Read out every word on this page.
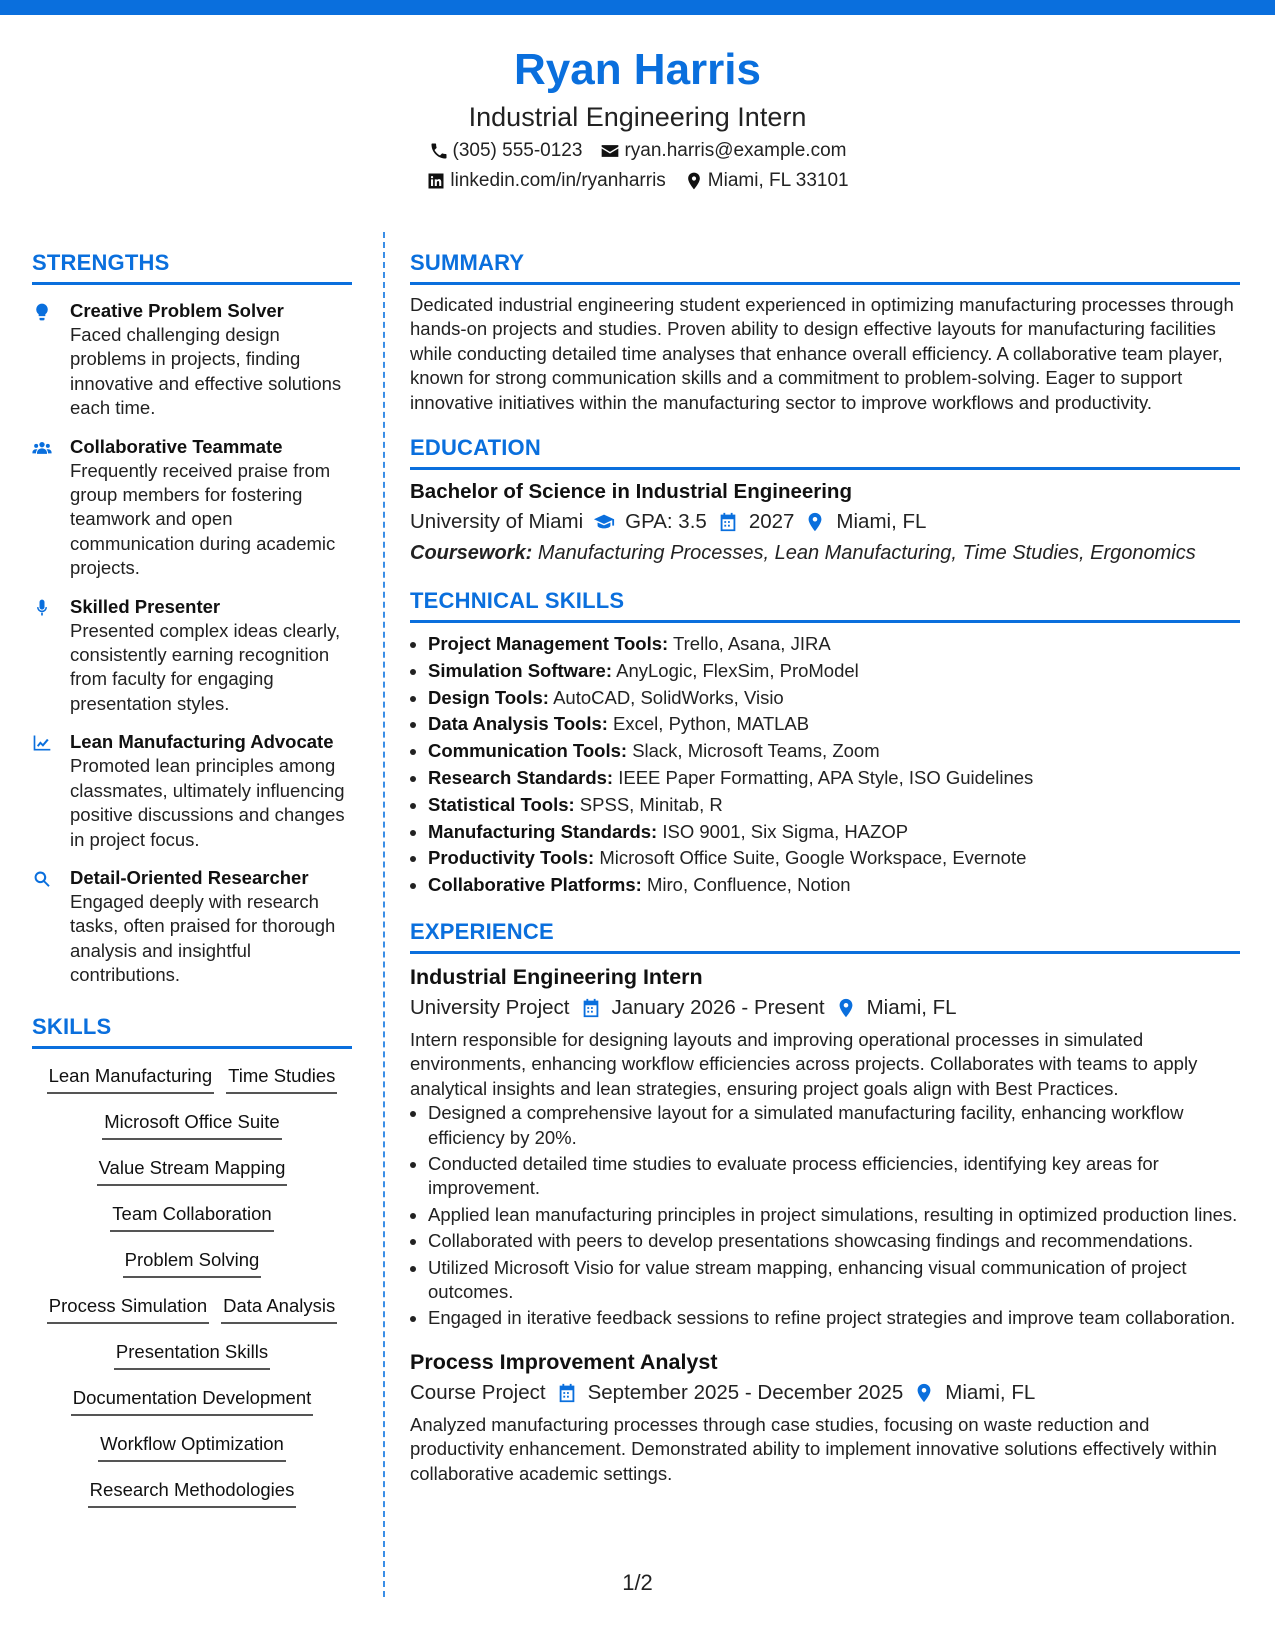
Ryan Harris
Industrial Engineering Intern
(305) 555-0123 ryan.harris@example.com
linkedin.com/in/ryanharris Miami, FL 33101
STRENGTHS
Creative Problem Solver
Faced challenging design problems in projects, finding innovative and effective solutions each time.
Collaborative Teammate
Frequently received praise from group members for fostering teamwork and open communication during academic projects.
Skilled Presenter
Presented complex ideas clearly, consistently earning recognition from faculty for engaging presentation styles.
Lean Manufacturing Advocate
Promoted lean principles among classmates, ultimately influencing positive discussions and changes in project focus.
Detail-Oriented Researcher
Engaged deeply with research tasks, often praised for thorough analysis and insightful contributions.
SKILLS
Lean Manufacturing Time Studies
Microsoft Office Suite
Value Stream Mapping
Team Collaboration
Problem Solving
Process Simulation Data Analysis
Presentation Skills
Documentation Development
Workflow Optimization
Research Methodologies
SUMMARY
Dedicated industrial engineering student experienced in optimizing manufacturing processes through hands-on projects and studies. Proven ability to design effective layouts for manufacturing facilities while conducting detailed time analyses that enhance overall efficiency. A collaborative team player, known for strong communication skills and a commitment to problem-solving. Eager to support innovative initiatives within the manufacturing sector to improve workflows and productivity.
EDUCATION
Bachelor of Science in Industrial Engineering
University of Miami GPA: 3.5 2027 Miami, FL
Coursework: Manufacturing Processes, Lean Manufacturing, Time Studies, Ergonomics
TECHNICAL SKILLS
• Project Management Tools: Trello, Asana, JIRA
• Simulation Software: AnyLogic, FlexSim, ProModel
• Design Tools: AutoCAD, SolidWorks, Visio
• Data Analysis Tools: Excel, Python, MATLAB
• Communication Tools: Slack, Microsoft Teams, Zoom
• Research Standards: IEEE Paper Formatting, APA Style, ISO Guidelines
• Statistical Tools: SPSS, Minitab, R
• Manufacturing Standards: ISO 9001, Six Sigma, HAZOP
• Productivity Tools: Microsoft Office Suite, Google Workspace, Evernote
• Collaborative Platforms: Miro, Confluence, Notion
EXPERIENCE
Industrial Engineering Intern
University Project January 2026 - Present Miami, FL
Intern responsible for designing layouts and improving operational processes in simulated environments, enhancing workflow efficiencies across projects. Collaborates with teams to apply analytical insights and lean strategies, ensuring project goals align with Best Practices.
• Designed a comprehensive layout for a simulated manufacturing facility, enhancing workflow efficiency by 20%.
• Conducted detailed time studies to evaluate process efficiencies, identifying key areas for improvement.
• Applied lean manufacturing principles in project simulations, resulting in optimized production lines.
• Collaborated with peers to develop presentations showcasing findings and recommendations.
• Utilized Microsoft Visio for value stream mapping, enhancing visual communication of project outcomes.
• Engaged in iterative feedback sessions to refine project strategies and improve team collaboration.
Process Improvement Analyst
Course Project September 2025 - December 2025 Miami, FL
Analyzed manufacturing processes through case studies, focusing on waste reduction and productivity enhancement. Demonstrated ability to implement innovative solutions effectively within collaborative academic settings.
1/2
